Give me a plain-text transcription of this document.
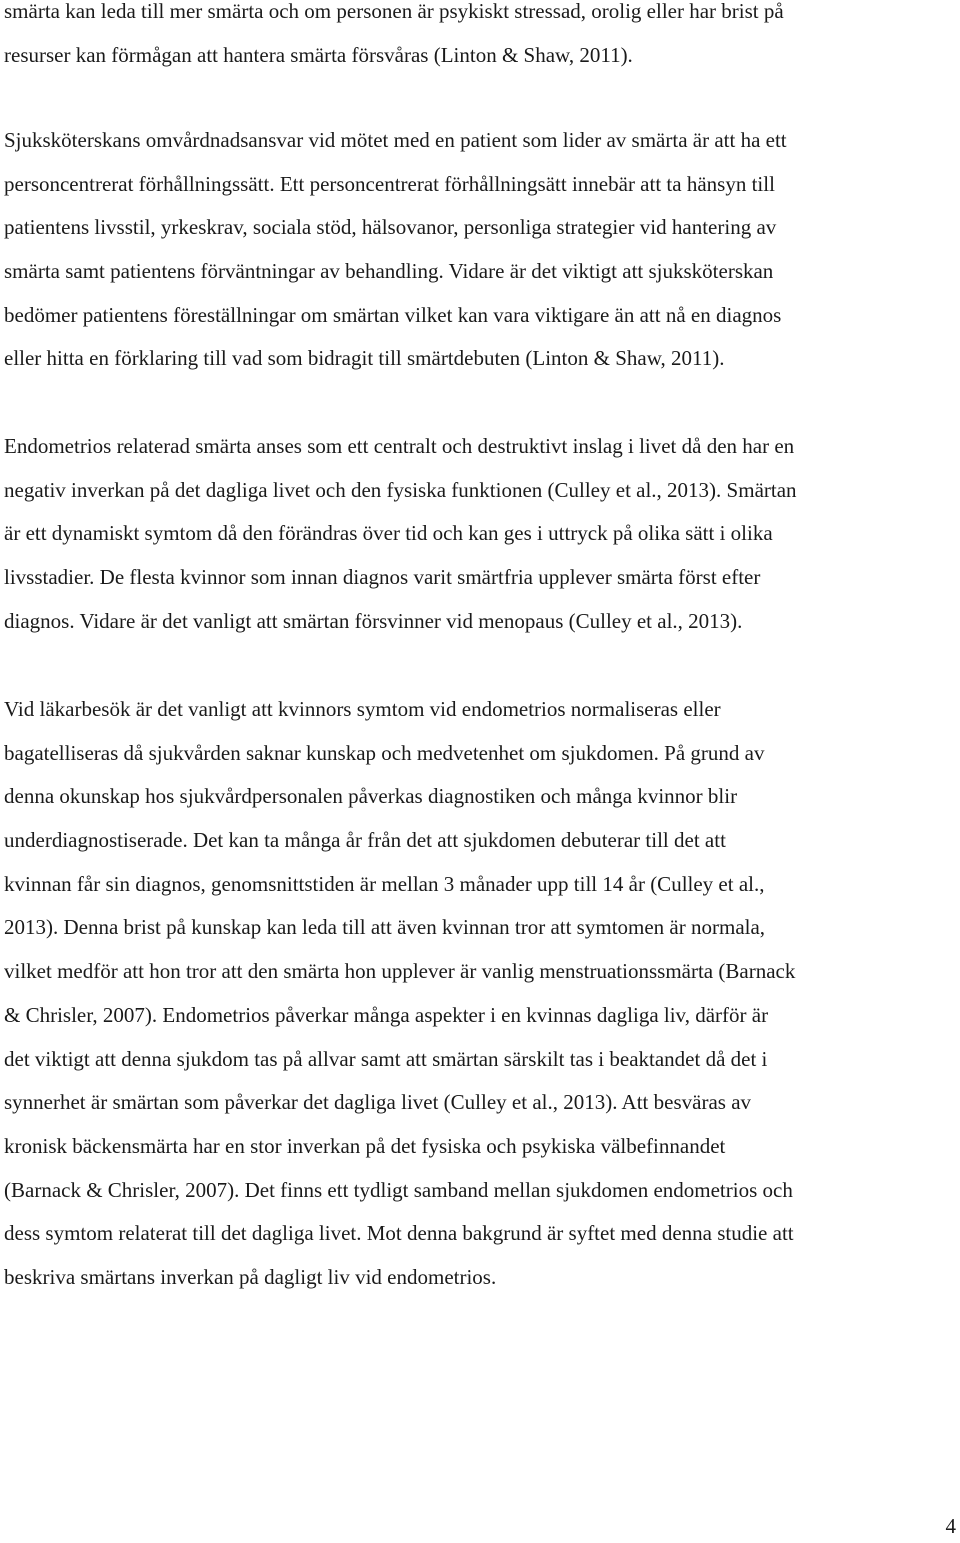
smärta kan leda till mer smärta och om personen är psykiskt stressad, orolig eller har brist på
resurser kan förmågan att hantera smärta försvåras (Linton & Shaw, 2011).

Sjuksköterskans omvårdnadsansvar vid mötet med en patient som lider av smärta är att ha ett
personcentrerat förhållningssätt. Ett personcentrerat förhållningsätt innebär att ta hänsyn till
patientens livsstil, yrkeskrav, sociala stöd, hälsovanor, personliga strategier vid hantering av
smärta samt patientens förväntningar av behandling. Vidare är det viktigt att sjuksköterskan
bedömer patientens föreställningar om smärtan vilket kan vara viktigare än att nå en diagnos
eller hitta en förklaring till vad som bidragit till smärtdebuten (Linton & Shaw, 2011).

Endometrios relaterad smärta anses som ett centralt och destruktivt inslag i livet då den har en
negativ inverkan på det dagliga livet och den fysiska funktionen (Culley et al., 2013). Smärtan
är ett dynamiskt symtom då den förändras över tid och kan ges i uttryck på olika sätt i olika
livsstadier. De flesta kvinnor som innan diagnos varit smärtfria upplever smärta först efter
diagnos. Vidare är det vanligt att smärtan försvinner vid menopaus (Culley et al., 2013).

Vid läkarbesök är det vanligt att kvinnors symtom vid endometrios normaliseras eller
bagatelliseras då sjukvården saknar kunskap och medvetenhet om sjukdomen. På grund av
denna okunskap hos sjukvårdpersonalen påverkas diagnostiken och många kvinnor blir
underdiagnostiserade. Det kan ta många år från det att sjukdomen debuterar till det att
kvinnan får sin diagnos, genomsnittstiden är mellan 3 månader upp till 14 år (Culley et al.,
2013). Denna brist på kunskap kan leda till att även kvinnan tror att symtomen är normala,
vilket medför att hon tror att den smärta hon upplever är vanlig menstruationssmärta (Barnack
& Chrisler, 2007). Endometrios påverkar många aspekter i en kvinnas dagliga liv, därför är
det viktigt att denna sjukdom tas på allvar samt att smärtan särskilt tas i beaktandet då det i
synnerhet är smärtan som påverkar det dagliga livet (Culley et al., 2013). Att besväras av
kronisk bäckensmärta har en stor inverkan på det fysiska och psykiska välbefinnandet
(Barnack & Chrisler, 2007). Det finns ett tydligt samband mellan sjukdomen endometrios och
dess symtom relaterat till det dagliga livet. Mot denna bakgrund är syftet med denna studie att
beskriva smärtans inverkan på dagligt liv vid endometrios.

4
